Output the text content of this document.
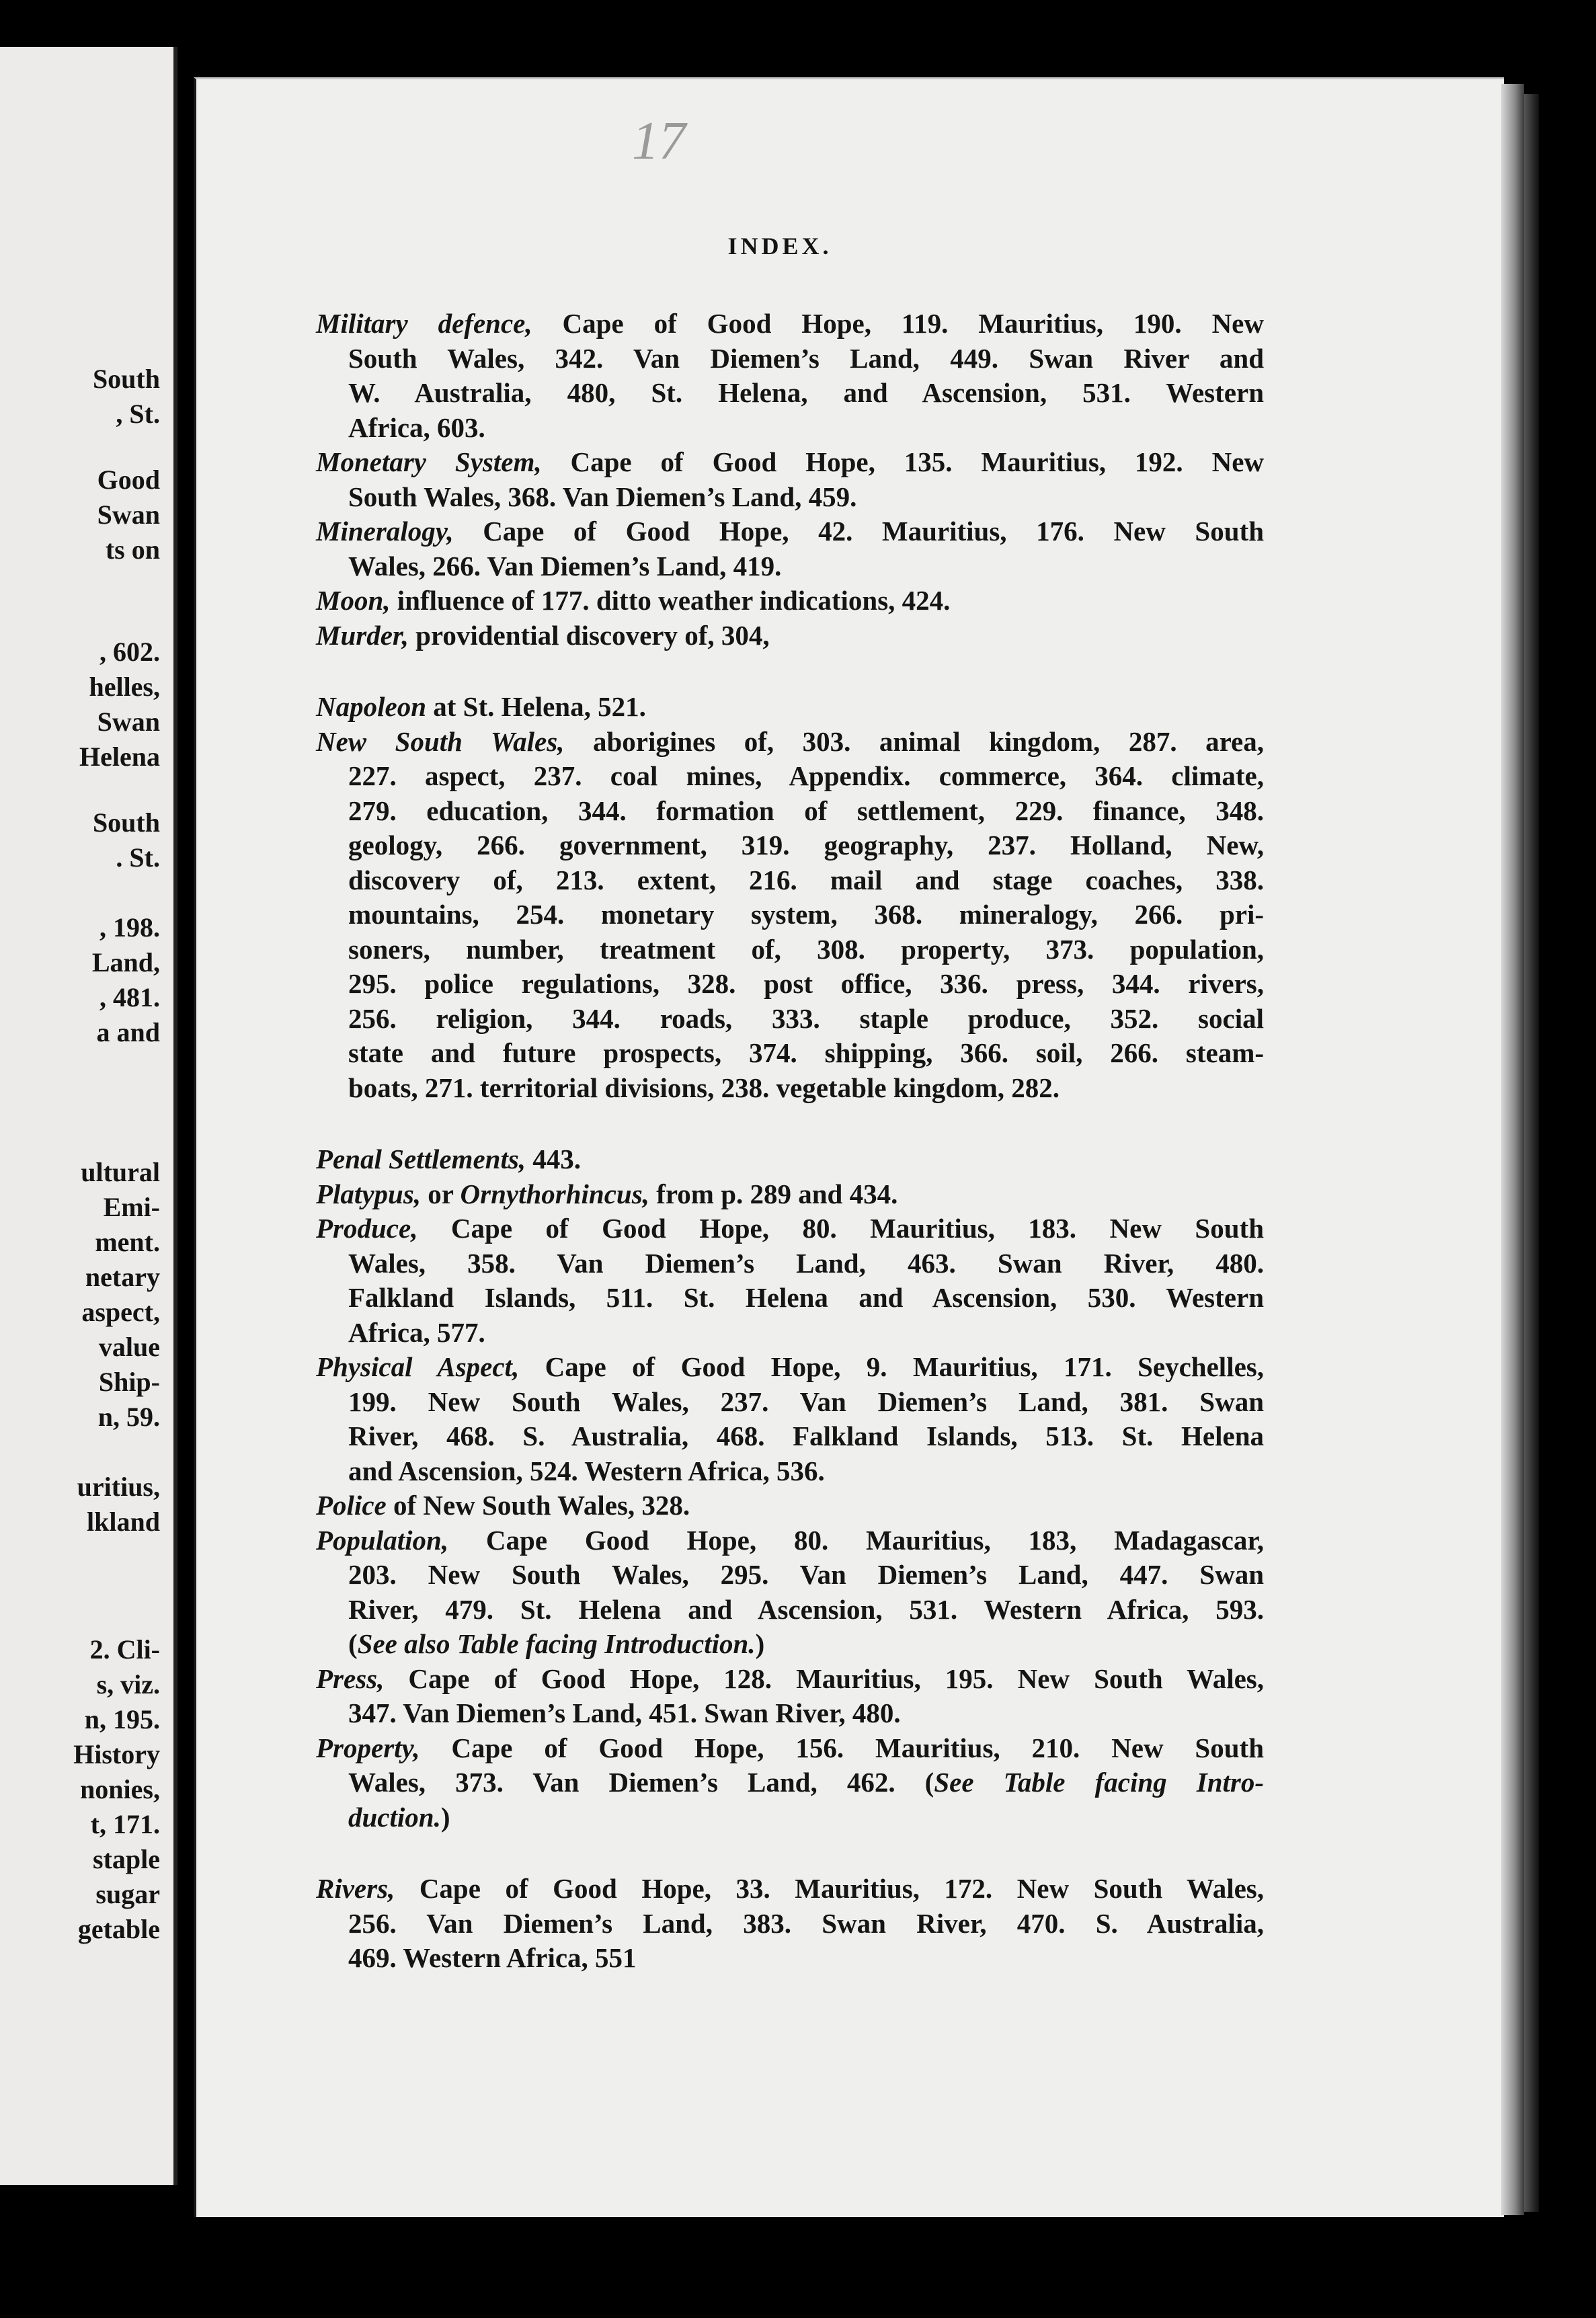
South
, St.
Good
Swan
ts on
, 602.
helles,
Swan
Helena
South
. St.
, 198.
Land,
, 481.
a and
ultural
Emi-
ment.
netary
aspect,
value
Ship-
n, 59.
uritius,
lkland
2. Cli-
s, viz.
n, 195.
History
nonies,
t, 171.
staple
sugar
getable
17
INDEX.
Military defence, Cape of Good Hope, 119. Mauritius, 190. New
South Wales, 342. Van Diemen’s Land, 449. Swan River and
W. Australia, 480, St. Helena, and Ascension, 531. Western
Africa, 603.
Monetary System, Cape of Good Hope, 135. Mauritius, 192. New
South Wales, 368. Van Diemen’s Land, 459.
Mineralogy, Cape of Good Hope, 42. Mauritius, 176. New South
Wales, 266. Van Diemen’s Land, 419.
Moon, influence of 177. ditto weather indications, 424.
Murder, providential discovery of, 304,
Napoleon at St. Helena, 521.
New South Wales, aborigines of, 303. animal kingdom, 287. area,
227. aspect, 237. coal mines, Appendix. commerce, 364. climate,
279. education, 344. formation of settlement, 229. finance, 348.
geology, 266. government, 319. geography, 237. Holland, New,
discovery of, 213. extent, 216. mail and stage coaches, 338.
mountains, 254. monetary system, 368. mineralogy, 266. pri-
soners, number, treatment of, 308. property, 373. population,
295. police regulations, 328. post office, 336. press, 344. rivers,
256. religion, 344. roads, 333. staple produce, 352. social
state and future prospects, 374. shipping, 366. soil, 266. steam-
boats, 271. territorial divisions, 238. vegetable kingdom, 282.
Penal Settlements, 443.
Platypus, or Ornythorhincus, from p. 289 and 434.
Produce, Cape of Good Hope, 80. Mauritius, 183. New South
Wales, 358. Van Diemen’s Land, 463. Swan River, 480.
Falkland Islands, 511. St. Helena and Ascension, 530. Western
Africa, 577.
Physical Aspect, Cape of Good Hope, 9. Mauritius, 171. Seychelles,
199. New South Wales, 237. Van Diemen’s Land, 381. Swan
River, 468. S. Australia, 468. Falkland Islands, 513. St. Helena
and Ascension, 524. Western Africa, 536.
Police of New South Wales, 328.
Population, Cape Good Hope, 80. Mauritius, 183, Madagascar,
203. New South Wales, 295. Van Diemen’s Land, 447. Swan
River, 479. St. Helena and Ascension, 531. Western Africa, 593.
(See also Table facing Introduction.)
Press, Cape of Good Hope, 128. Mauritius, 195. New South Wales,
347. Van Diemen’s Land, 451. Swan River, 480.
Property, Cape of Good Hope, 156. Mauritius, 210. New South
Wales, 373. Van Diemen’s Land, 462. (See Table facing Intro-
duction.)
Rivers, Cape of Good Hope, 33. Mauritius, 172. New South Wales,
256. Van Diemen’s Land, 383. Swan River, 470. S. Australia,
469. Western Africa, 551
